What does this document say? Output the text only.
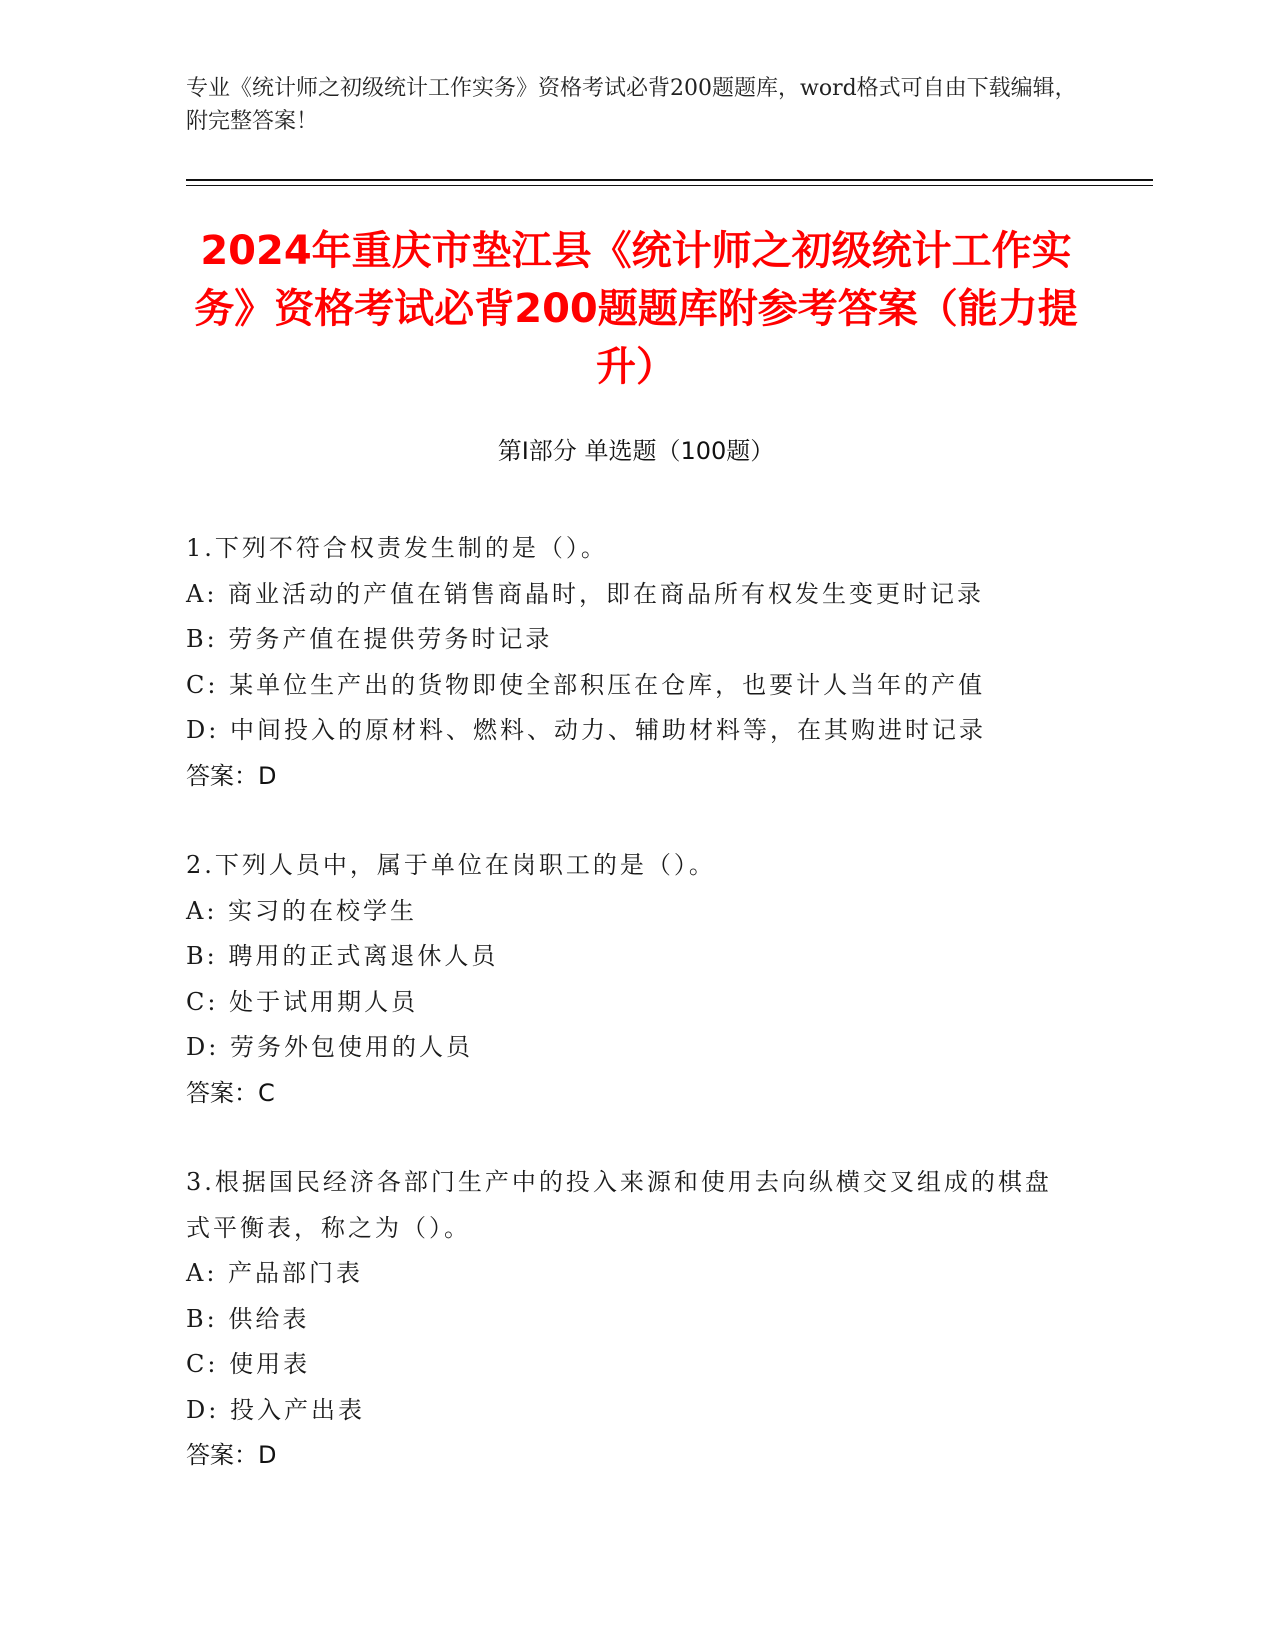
专业《统计师之初级统计工作实务》资格考试必背200题题库，word格式可自由下载编辑，附完整答案！
2024年重庆市垫江县《统计师之初级统计工作实务》资格考试必背200题题库附参考答案（能力提升）
第Ⅰ部分 单选题（100题）
1.下列不符合权责发生制的是（）。
A: 商业活动的产值在销售商晶时，即在商品所有权发生变更时记录
B: 劳务产值在提供劳务时记录
C: 某单位生产出的货物即使全部积压在仓库，也要计人当年的产值
D: 中间投入的原材料、燃料、动力、辅助材料等，在其购进时记录
答案：D
2.下列人员中，属于单位在岗职工的是（）。
A: 实习的在校学生
B: 聘用的正式离退休人员
C: 处于试用期人员
D: 劳务外包使用的人员
答案：C
3.根据国民经济各部门生产中的投入来源和使用去向纵横交叉组成的棋盘式平衡表，称之为（）。
A: 产品部门表
B: 供给表
C: 使用表
D: 投入产出表
答案：D
